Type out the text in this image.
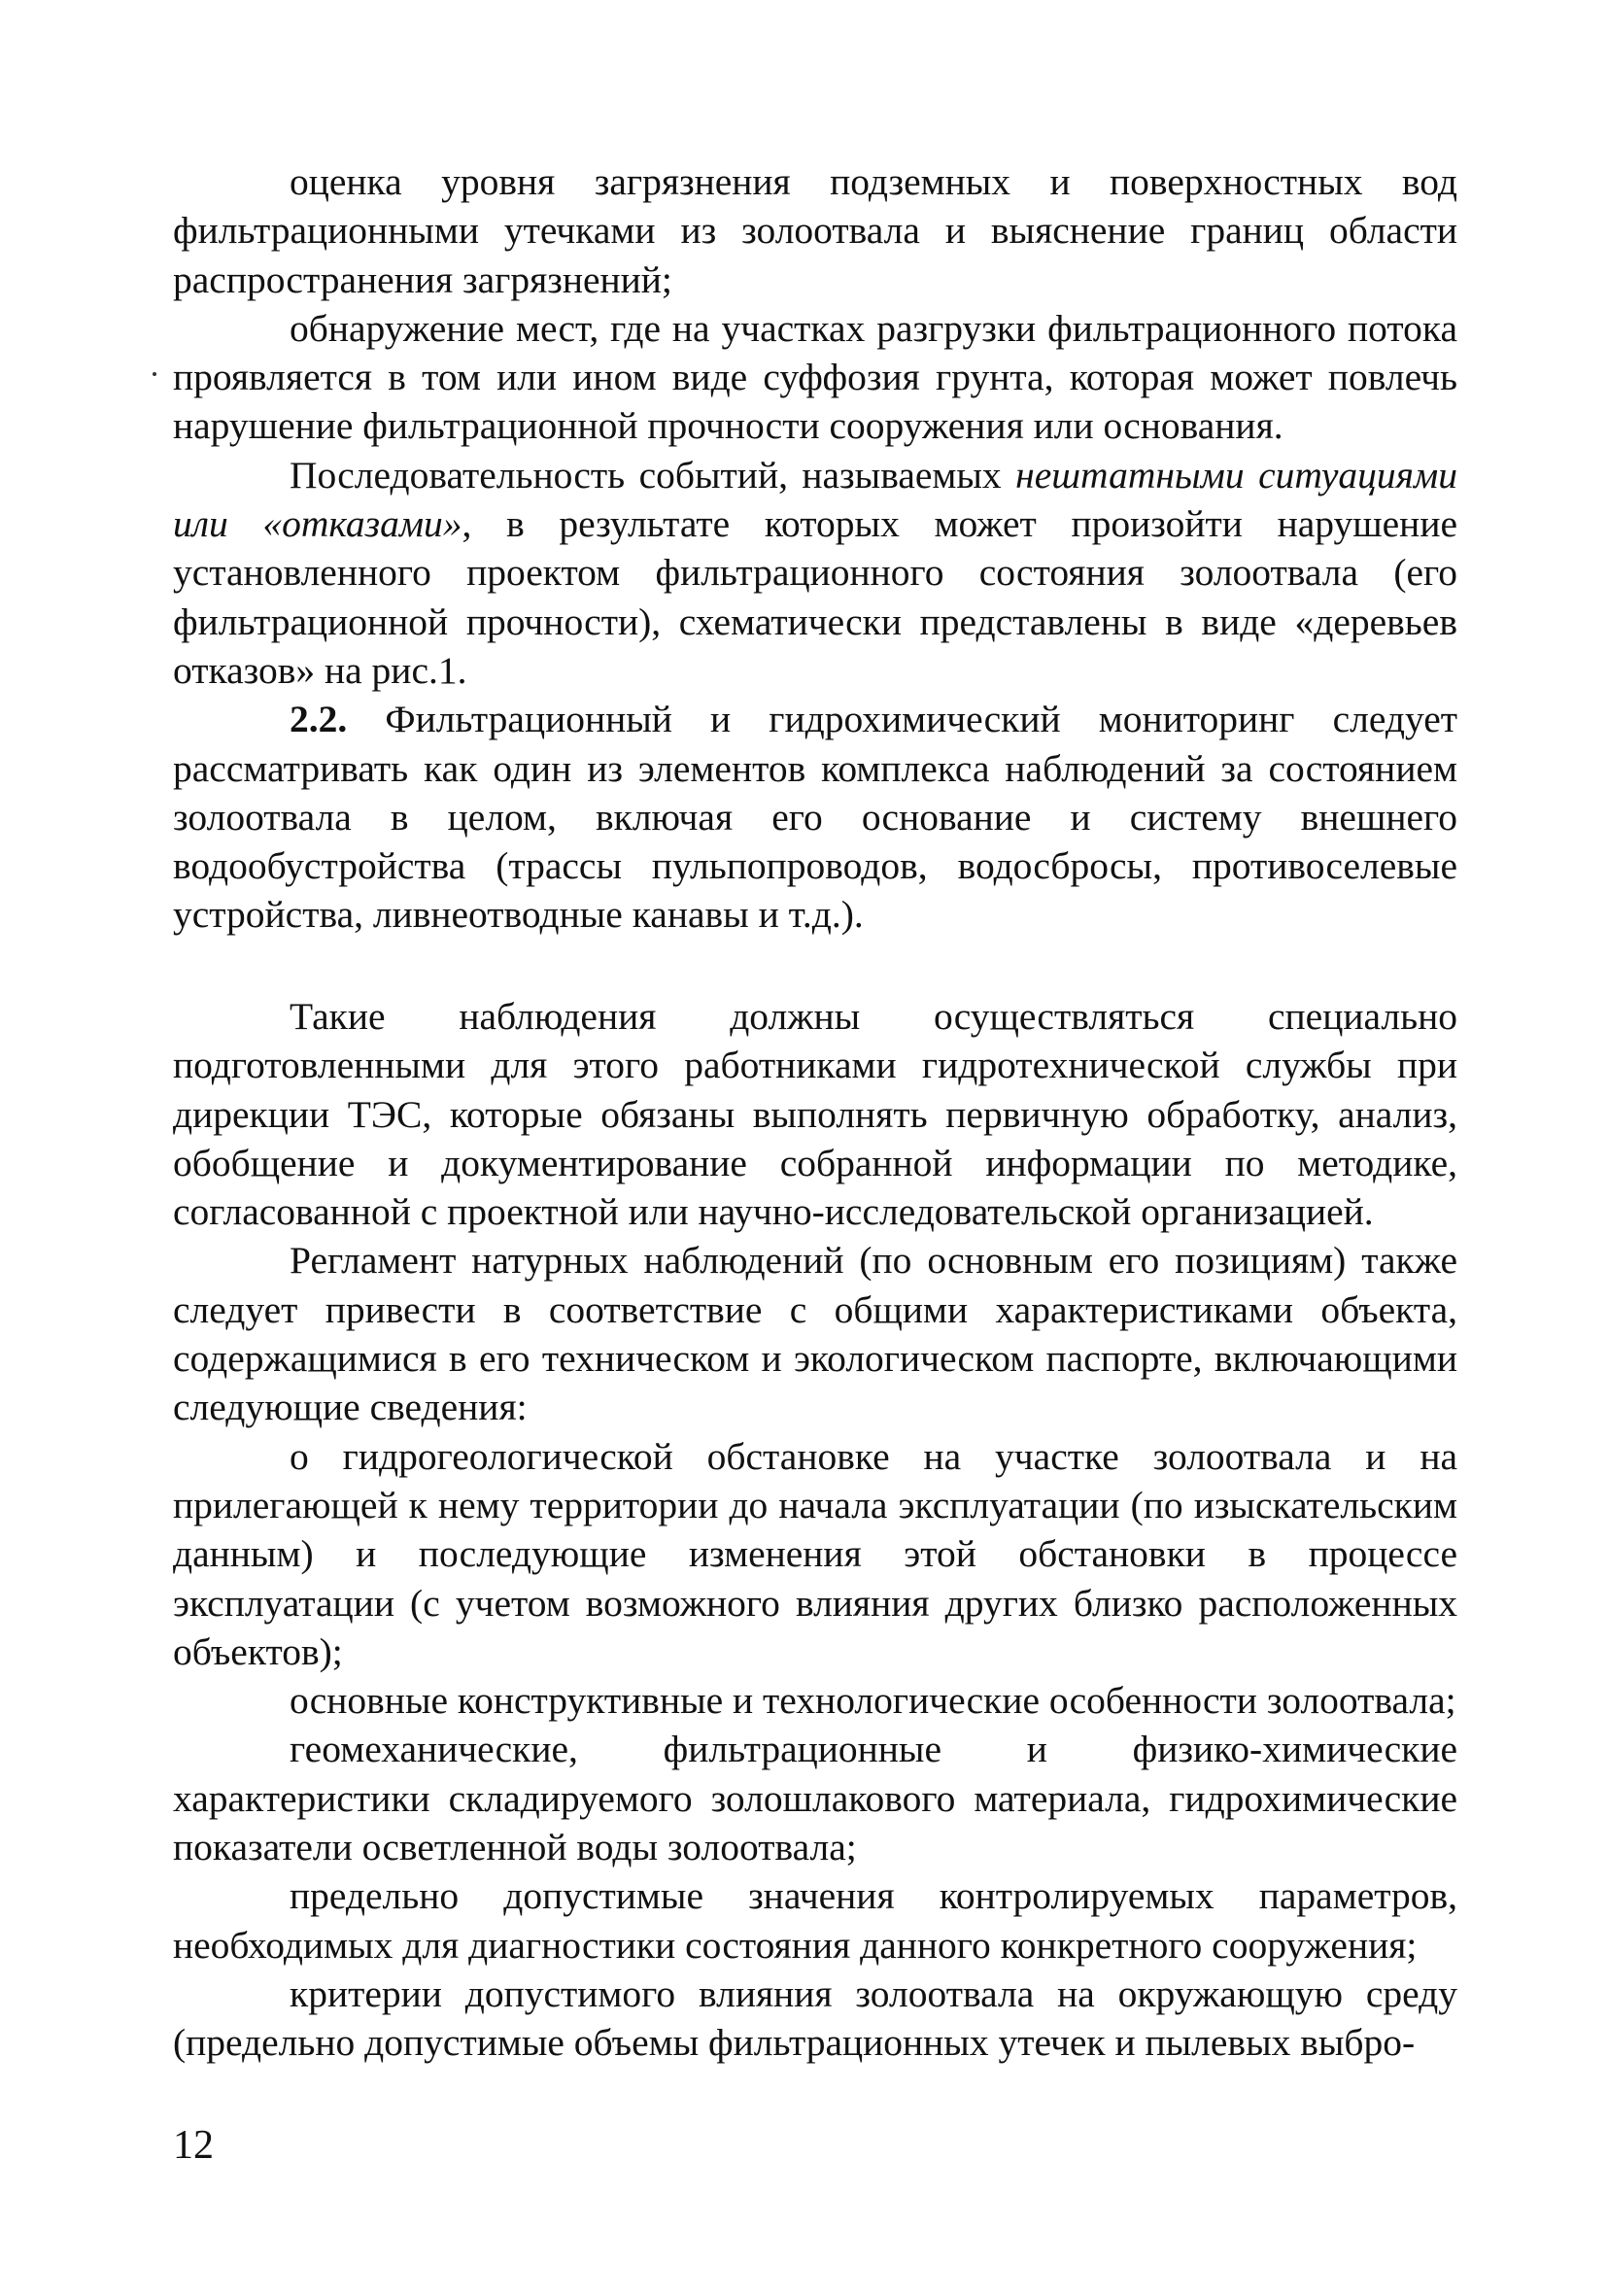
оценка уровня загрязнения подземных и поверхностных вод фильтрационными утечками из золоотвала и выяснение границ области распространения загрязнений;

обнаружение мест, где на участках разгрузки фильтрационного потока проявляется в том или ином виде суффозия грунта, которая может повлечь нарушение фильтрационной прочности сооружения или основания.

Последовательность событий, называемых нештатными ситуациями или «отказами», в результате которых может произойти нарушение установленного проектом фильтрационного состояния золоотвала (его фильтрационной прочности), схематически представлены в виде «деревьев отказов» на рис.1.

2.2. Фильтрационный и гидрохимический мониторинг следует рассматривать как один из элементов комплекса наблюдений за состоянием золоотвала в целом, включая его основание и систему внешнего водообустройства (трассы пульпопроводов, водосбросы, противоселевые устройства, ливнеотводные канавы и т.д.).

Такие наблюдения должны осуществляться специально подготовленными для этого работниками гидротехнической службы при дирекции ТЭС, которые обязаны выполнять первичную обработку, анализ, обобщение и документирование собранной информации по методике, согласованной с проектной или научно-исследовательской организацией.

Регламент натурных наблюдений (по основным его позициям) также следует привести в соответствие с общими характеристиками объекта, содержащимися в его техническом и экологическом паспорте, включающими следующие сведения:

о гидрогеологической обстановке на участке золоотвала и на прилегающей к нему территории до начала эксплуатации (по изыскательским данным) и последующие изменения этой обстановки в процессе эксплуатации (с учетом возможного влияния других близко расположенных объектов);

основные конструктивные и технологические особенности золоотвала;

геомеханические, фильтрационные и физико-химические характеристики складируемого золошлакового материала, гидрохимические показатели осветленной воды золоотвала;

предельно допустимые значения контролируемых параметров, необходимых для диагностики состояния данного конкретного сооружения;

критерии допустимого влияния золоотвала на окружающую среду (предельно допустимые объемы фильтрационных утечек и пылевых выбро-

12
